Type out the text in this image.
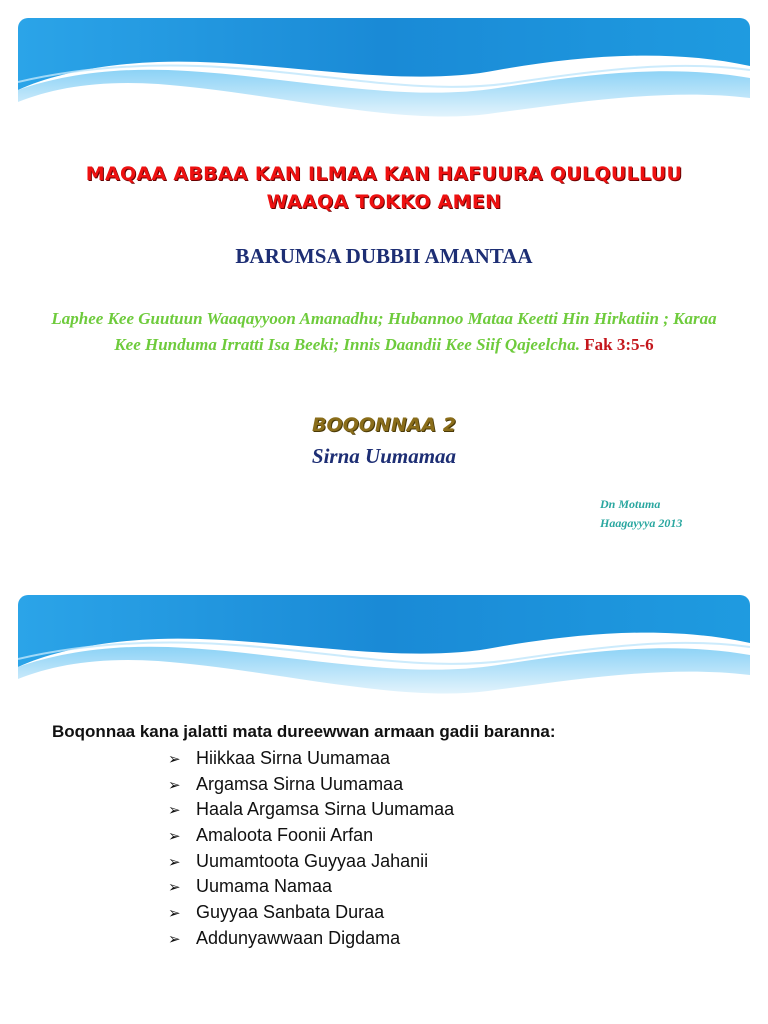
MAQAA ABBAA KAN ILMAA KAN HAFUURA QULQULLUU
WAAQA TOKKO AMEN
BARUMSA DUBBII AMANTAA
Laphee Kee Guutuun Waaqayyoon Amanadhu; Hubannoo Mataa Keetti Hin Hirkatiin ; Karaa Kee Hunduma Irratti Isa Beeki; Innis Daandii Kee Siif Qajeelcha. Fak 3:5-6
BOQONNAA 2
Sirna Uumamaa
Dn Motuma
Haagayyya 2013
Boqonnaa kana jalatti mata dureewwan armaan gadii baranna:
➢ Hiikkaa Sirna Uumamaa
➢ Argamsa Sirna Uumamaa
➢ Haala Argamsa Sirna Uumamaa
➢ Amaloota Foonii Arfan
➢ Uumamtoota Guyyaa Jahanii
➢ Uumama Namaa
➢ Guyyaa Sanbata Duraa
➢ Addunyawwaan Digdama
